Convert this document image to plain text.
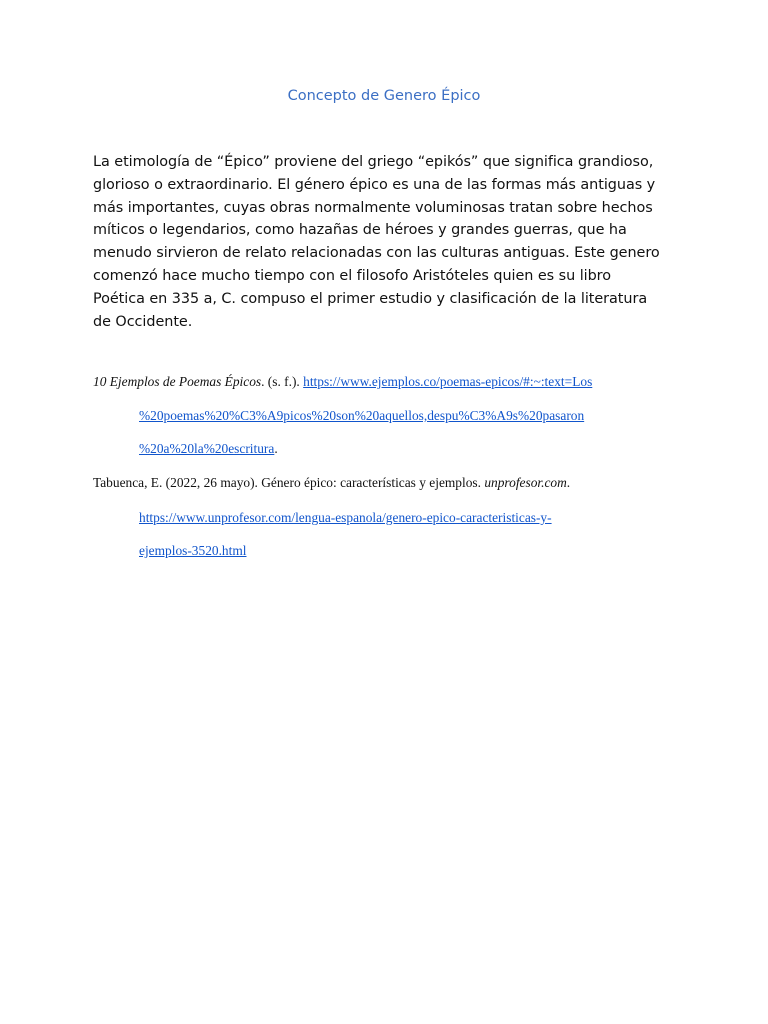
Concepto de Genero Épico
La etimología de “Épico” proviene del griego “epikós” que significa grandioso,
glorioso o extraordinario. El género épico es una de las formas más antiguas y
más importantes, cuyas obras normalmente voluminosas tratan sobre hechos
míticos o legendarios, como hazañas de héroes y grandes guerras, que ha
menudo sirvieron de relato relacionadas con las culturas antiguas. Este genero
comenzó hace mucho tiempo con el filosofo Aristóteles quien es su libro
Poética en 335 a, C. compuso el primer estudio y clasificación de la literatura
de Occidente.
10 Ejemplos de Poemas Épicos. (s. f.). https://www.ejemplos.co/poemas-epicos/#:~:text=Los
%20poemas%20%C3%A9picos%20son%20aquellos,despu%C3%A9s%20pasaron
%20a%20la%20escritura.
Tabuenca, E. (2022, 26 mayo). Género épico: características y ejemplos. unprofesor.com.
https://www.unprofesor.com/lengua-espanola/genero-epico-caracteristicas-y-
ejemplos-3520.html
